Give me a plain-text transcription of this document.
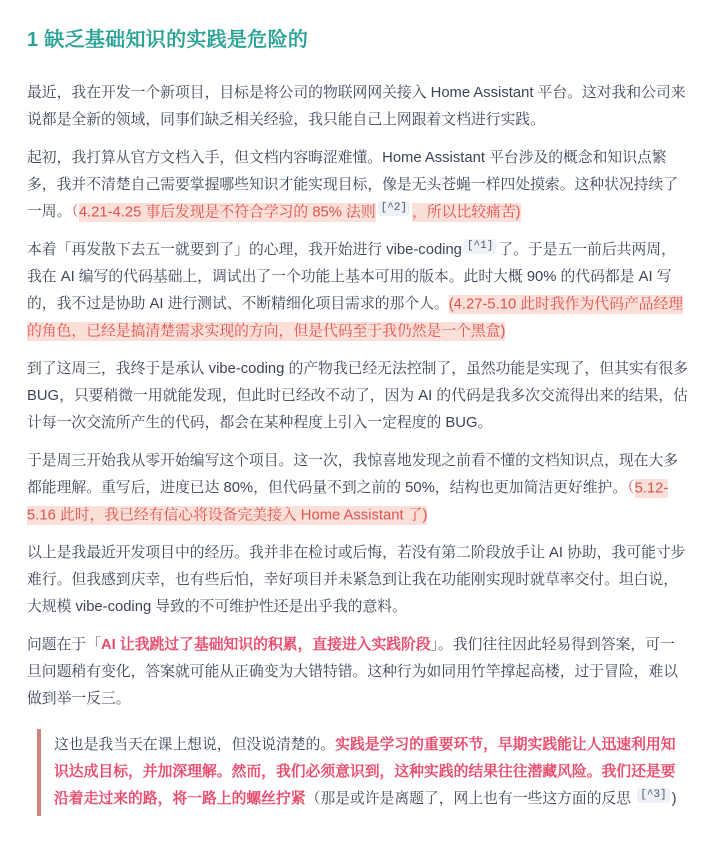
1 缺乏基础知识的实践是危险的

最近，我在开发一个新项目，目标是将公司的物联网网关接入 Home Assistant 平台。这对我和公司来说都是全新的领域，同事们缺乏相关经验，我只能自己上网跟着文档进行实践。

起初，我打算从官方文档入手，但文档内容晦涩难懂。Home Assistant 平台涉及的概念和知识点繁多，我并不清楚自己需要掌握哪些知识才能实现目标，像是无头苍蝇一样四处摸索。这种状况持续了一周。（4.21-4.25 事后发现是不符合学习的 85% 法则 [^2] ，所以比较痛苦)

本着「再发散下去五一就要到了」的心理，我开始进行 vibe-coding [^1] 了。于是五一前后共两周，我在 AI 编写的代码基础上，调试出了一个功能上基本可用的版本。此时大概 90% 的代码都是 AI 写的，我不过是协助 AI 进行测试、不断精细化项目需求的那个人。(4.27-5.10 此时我作为代码产品经理的角色，已经是搞清楚需求实现的方向，但是代码至于我仍然是一个黑盒)

到了这周三，我终于是承认 vibe-coding 的产物我已经无法控制了，虽然功能是实现了，但其实有很多 BUG，只要稍微一用就能发现，但此时已经改不动了，因为 AI 的代码是我多次交流得出来的结果，估计每一次交流所产生的代码，都会在某种程度上引入一定程度的 BUG。

于是周三开始我从零开始编写这个项目。这一次，我惊喜地发现之前看不懂的文档知识点，现在大多都能理解。重写后，进度已达 80%，但代码量不到之前的 50%，结构也更加简洁更好维护。（5.12-5.16 此时，我已经有信心将设备完美接入 Home Assistant 了)

以上是我最近开发项目中的经历。我并非在检讨或后悔，若没有第二阶段放手让 AI 协助，我可能寸步难行。但我感到庆幸，也有些后怕，幸好项目并未紧急到让我在功能刚实现时就草率交付。坦白说，大规模 vibe-coding 导致的不可维护性还是出乎我的意料。

问题在于「AI 让我跳过了基础知识的积累，直接进入实践阶段」。我们往往因此轻易得到答案，可一旦问题稍有变化，答案就可能从正确变为大错特错。这种行为如同用竹竿撑起高楼，过于冒险，难以做到举一反三。

这也是我当天在课上想说，但没说清楚的。实践是学习的重要环节，早期实践能让人迅速利用知识达成目标，并加深理解。然而，我们必须意识到，这种实践的结果往往潜藏风险。我们还是要沿着走过来的路，将一路上的螺丝拧紧（那是或许是离题了，网上也有一些这方面的反思 [^3] )
